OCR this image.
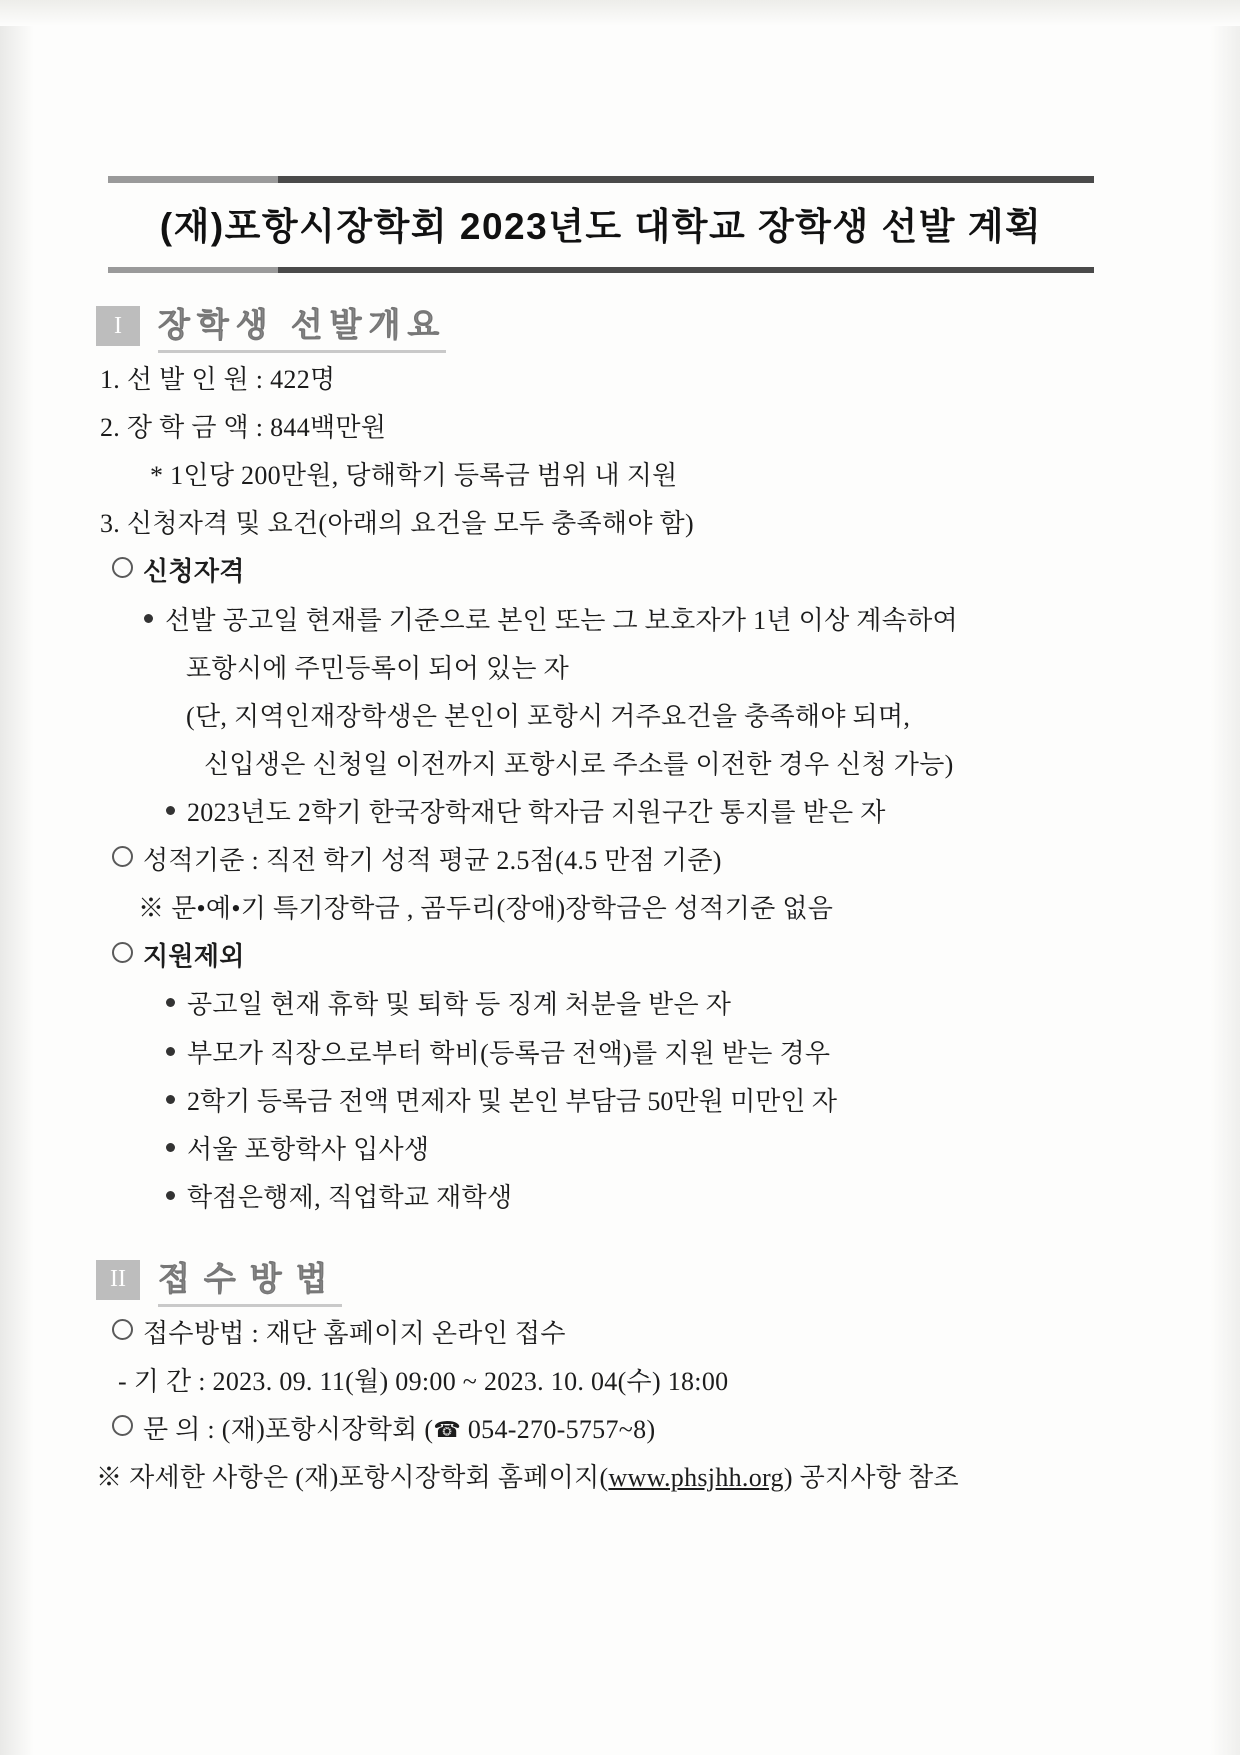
(재)포항시장학회 2023년도 대학교 장학생 선발 계획
I	장학생 선발개요
1. 선 발 인 원 : 422명
2. 장 학 금 액 : 844백만원
* 1인당 200만원, 당해학기 등록금 범위 내 지원
3. 신청자격 및 요건(아래의 요건을 모두 충족해야 함)
신청자격
선발 공고일 현재를 기준으로 본인 또는 그 보호자가 1년 이상 계속하여
포항시에 주민등록이 되어 있는 자
(단, 지역인재장학생은 본인이 포항시 거주요건을 충족해야 되며,
신입생은 신청일 이전까지 포항시로 주소를 이전한 경우 신청 가능)
2023년도 2학기 한국장학재단 학자금 지원구간 통지를 받은 자
성적기준 : 직전 학기 성적 평균 2.5점(4.5 만점 기준)
※ 문•예•기 특기장학금 , 곰두리(장애)장학금은 성적기준 없음
지원제외
공고일 현재 휴학 및 퇴학 등 징계 처분을 받은 자
부모가 직장으로부터 학비(등록금 전액)를 지원 받는 경우
2학기 등록금 전액 면제자 및 본인 부담금 50만원 미만인 자
서울 포항학사 입사생
학점은행제, 직업학교 재학생
II 접수방법
접수방법 : 재단 홈페이지 온라인 접수
- 기 간 : 2023. 09. 11(월) 09:00 ~ 2023. 10. 04(수) 18:00
문 의 : (재)포항시장학회 (☎ 054-270-5757~8)
※ 자세한 사항은 (재)포항시장학회 홈페이지(www.phsjhh.org) 공지사항 참조
